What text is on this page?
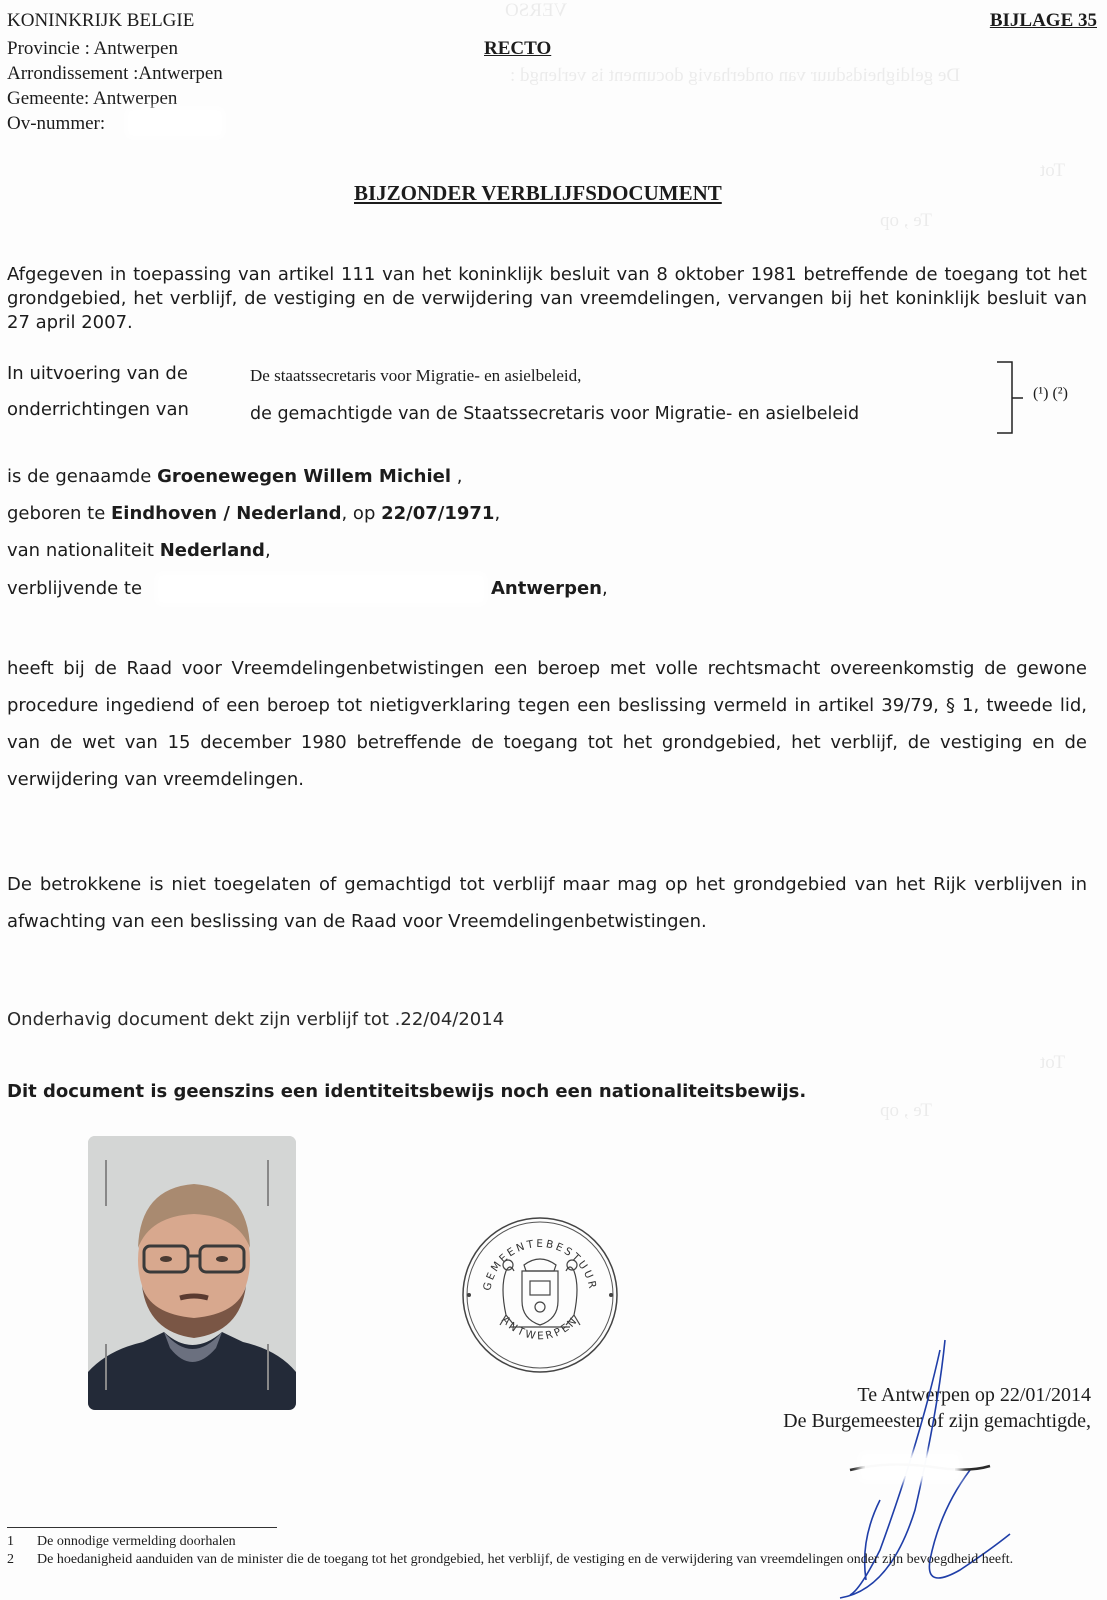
VERSO
De geldigheidsduur van onderhavig document is verlengd :
Tot
Te , op
Tot
Te , op
KONINKRIJK BELGIE
Provincie : Antwerpen
Arrondissement :Antwerpen
Gemeente: Antwerpen
Ov-nummer:
BIJLAGE 35
RECTO
BIJZONDER VERBLIJFSDOCUMENT
Afgegeven in toepassing van artikel 111 van het koninklijk besluit van 8 oktober 1981 betreffende de toegang tot het grondgebied, het verblijf, de vestiging en de verwijdering van vreemdelingen, vervangen bij het koninklijk besluit van 27 april 2007.
In uitvoering van de
onderrichtingen van
De staatssecretaris voor Migratie- en asielbeleid,
de gemachtigde van de Staatssecretaris voor Migratie- en asielbeleid
(¹) (²)
is de genaamde Groenewegen Willem Michiel ,
geboren te Eindhoven / Nederland, op 22/07/1971,
van nationaliteit Nederland,
verblijvende te	Antwerpen,
heeft bij de Raad voor Vreemdelingenbetwistingen een beroep met volle rechtsmacht overeenkomstig de gewone procedure ingediend of een beroep tot nietigverklaring tegen een beslissing vermeld in artikel 39/79, § 1, tweede lid, van de wet van 15 december 1980 betreffende de toegang tot het grondgebied, het verblijf, de vestiging en de verwijdering van vreemdelingen.
De betrokkene is niet toegelaten of gemachtigd tot verblijf maar mag op het grondgebied van het Rijk verblijven in afwachting van een beslissing van de Raad voor Vreemdelingenbetwistingen.
Onderhavig document dekt zijn verblijf tot .22/04/2014
Dit document is geenszins een identiteitsbewijs noch een nationaliteitsbewijs.
GEMEENTEBESTUUR
ANTWERPEN
Te Antwerpen op 22/01/2014
De Burgemeester of zijn gemachtigde,
1 De onnodige vermelding doorhalen
2 De hoedanigheid aanduiden van de minister die de toegang tot het grondgebied, het verblijf, de vestiging en de verwijdering van vreemdelingen onder zijn bevoegdheid heeft.
